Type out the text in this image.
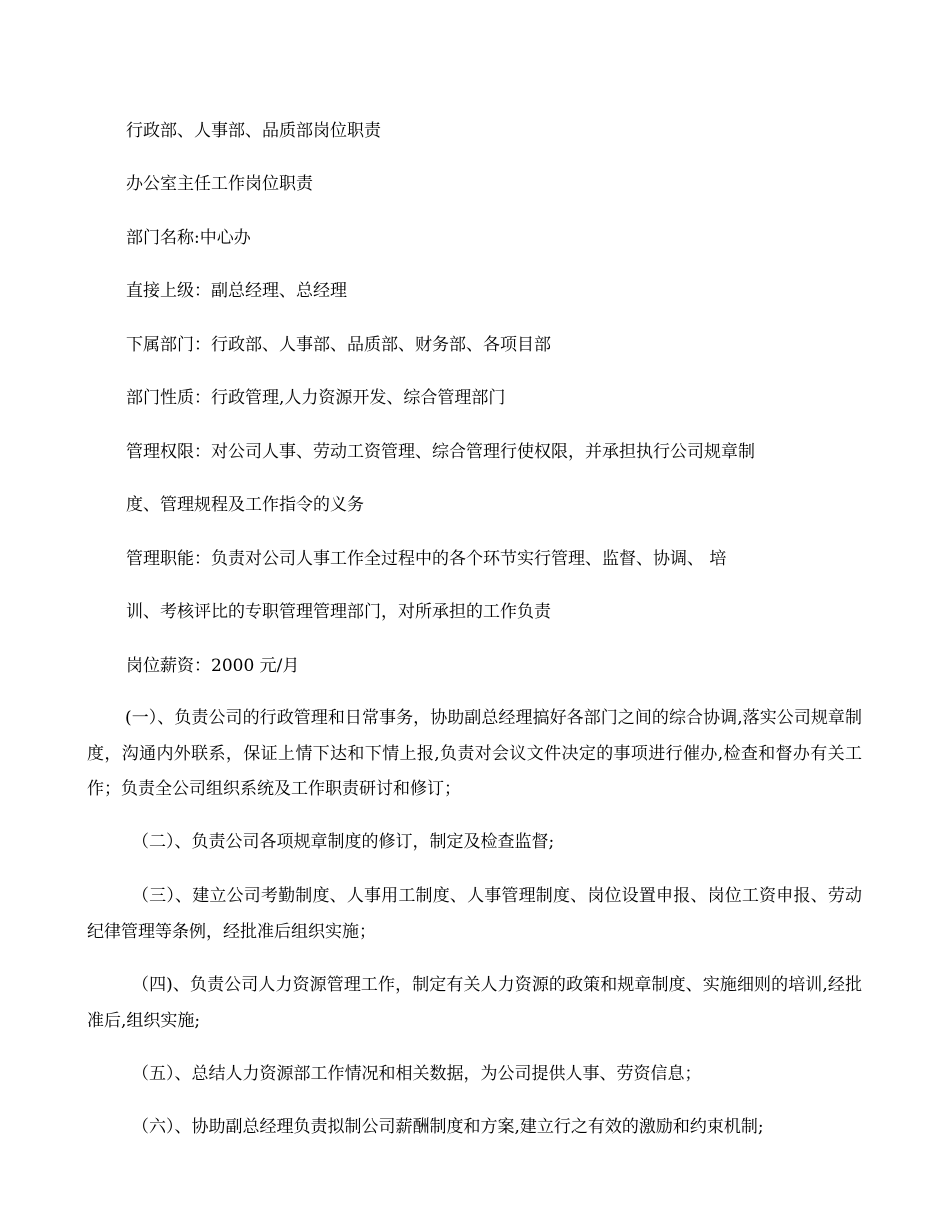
行政部、人事部、品质部岗位职责
办公室主任工作岗位职责
部门名称:中心办
直接上级：副总经理、总经理
下属部门：行政部、人事部、品质部、财务部、各项目部
部门性质：行政管理,人力资源开发、综合管理部门
管理权限：对公司人事、劳动工资管理、综合管理行使权限，并承担执行公司规章制
度、管理规程及工作指令的义务
管理职能：负责对公司人事工作全过程中的各个环节实行管理、监督、协调、 培
训、考核评比的专职管理管理部门，对所承担的工作负责
岗位薪资：2000 元/月

(一）、负责公司的行政管理和日常事务，协助副总经理搞好各部门之间的综合协调,落实公司规章制度，沟通内外联系，保证上情下达和下情上报,负责对会议文件决定的事项进行催办,检查和督办有关工作；负责全公司组织系统及工作职责研讨和修订；

（二）、负责公司各项规章制度的修订，制定及检查监督;

（三）、建立公司考勤制度、人事用工制度、人事管理制度、岗位设置申报、岗位工资申报、劳动纪律管理等条例，经批准后组织实施；

（四)、负责公司人力资源管理工作，制定有关人力资源的政策和规章制度、实施细则的培训,经批准后,组织实施;

（五）、总结人力资源部工作情况和相关数据，为公司提供人事、劳资信息；

（六）、协助副总经理负责拟制公司薪酬制度和方案,建立行之有效的激励和约束机制;
